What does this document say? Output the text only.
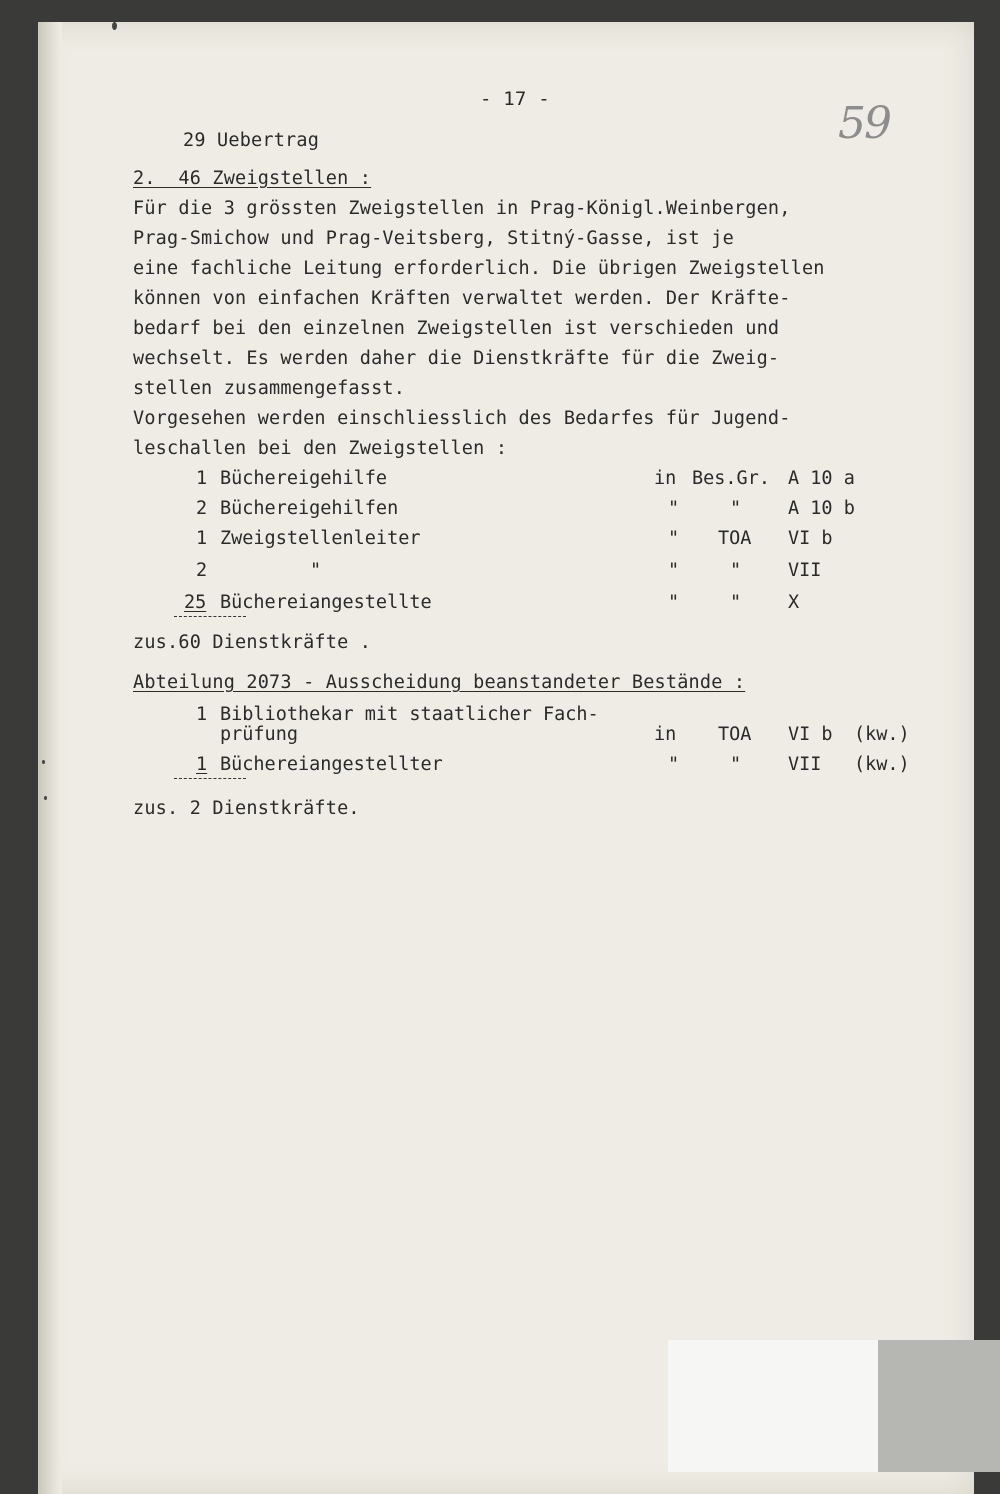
- 17 -	59
29 Uebertrag
2.  46 Zweigstellen :
Für die 3 grössten Zweigstellen in Prag-Königl.Weinbergen,
Prag-Smichow und Prag-Veitsberg, Stitný-Gasse, ist je
eine fachliche Leitung erforderlich. Die übrigen Zweigstellen
können von einfachen Kräften verwaltet werden. Der Kräfte-
bedarf bei den einzelnen Zweigstellen ist verschieden und
wechselt. Es werden daher die Dienstkräfte für die Zweig-
stellen zusammengefasst.
Vorgesehen werden einschliesslich des Bedarfes für Jugend-
leschallen bei den Zweigstellen :
1 Büchereigehilfe	in Bes.Gr. A 10 a
2 Büchereigehilfen	"	"	A 10 b
1 Zweigstellenleiter	" TOA VI b
2	"	"	"	VII
25 Büchereiangestellte	"	"	X
zus.60 Dienstkräfte .
Abteilung 2073 - Ausscheidung beanstandeter Bestände :
1 Bibliothekar mit staatlicher Fach-
prüfung	in TOA VI b (kw.)
1 Büchereiangestellter	"	"	VII (kw.)
zus. 2 Dienstkräfte.
